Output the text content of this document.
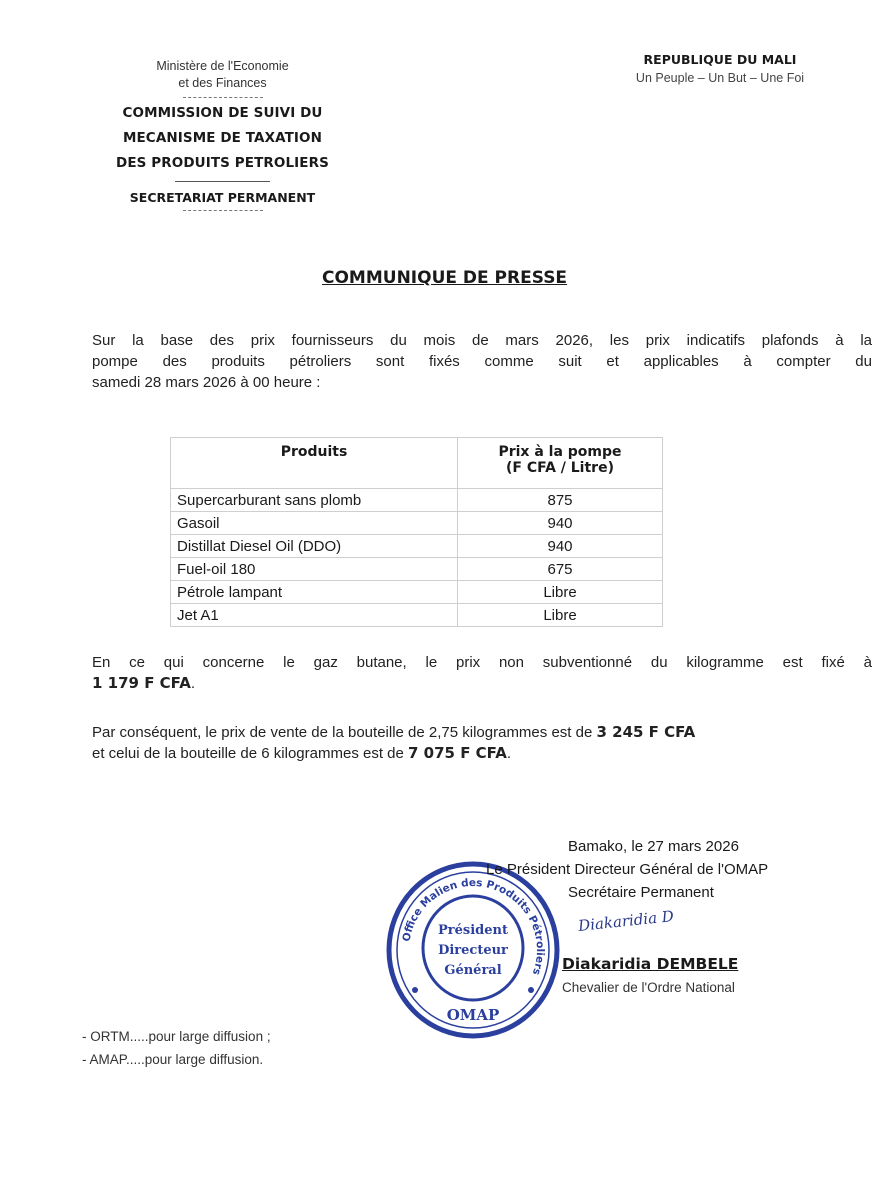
Ministère de l'Economie
et des Finances
COMMISSION DE SUIVI DU
MECANISME DE TAXATION
DES PRODUITS PETROLIERS
SECRETARIAT PERMANENT
REPUBLIQUE DU MALI
Un Peuple – Un But – Une Foi
COMMUNIQUE DE PRESSE
Sur la base des prix fournisseurs du mois de mars 2026, les prix indicatifs plafonds à la
pompe des produits pétroliers sont fixés comme suit et applicables à compter du
samedi 28 mars 2026 à 00 heure :
Produits	Prix à la pompe
(F CFA / Litre)

Supercarburant sans plomb	875
Gasoil	940
Distillat Diesel Oil (DDO)	940
Fuel-oil 180	675
Pétrole lampant	Libre
Jet A1	Libre
En ce qui concerne le gaz butane, le prix non subventionné du kilogramme est fixé à
1 179 F CFA.
Par conséquent, le prix de vente de la bouteille de 2,75 kilogrammes est de 3 245 F CFA
et celui de la bouteille de 6 kilogrammes est de 7 075 F CFA.
Office Malien des Produits Pétroliers
Président
Directeur
Général
OMAP
Bamako, le 27 mars 2026
Le Président Directeur Général de l'OMAP
Secrétaire Permanent
Diakaridia D
Diakaridia DEMBELE
Chevalier de l'Ordre National
- ORTM.....pour large diffusion ;
- AMAP.....pour large diffusion.
